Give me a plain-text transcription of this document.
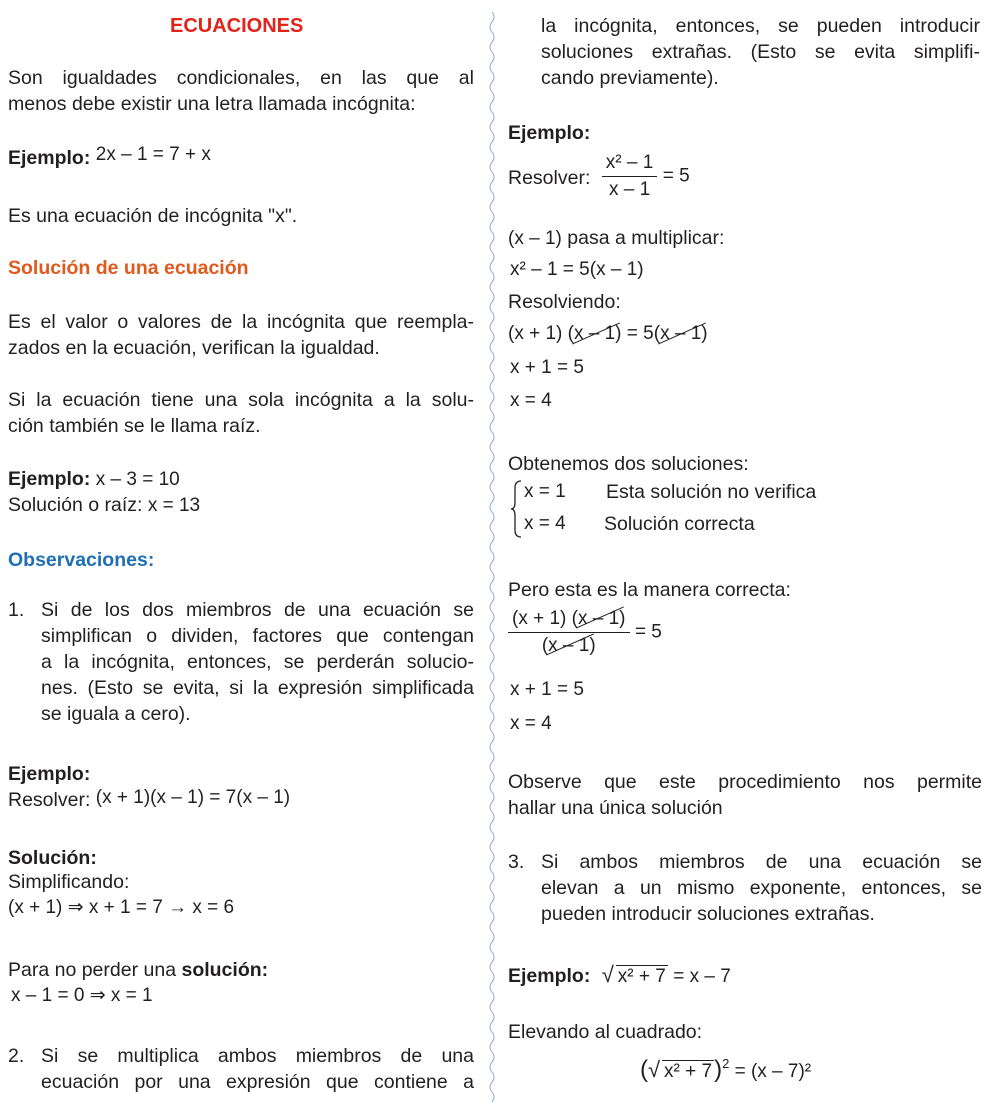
ECUACIONES
Son igualdades condicionales, en las que al
menos debe existir una letra llamada incógnita:
Ejemplo: 2x – 1 = 7 + x
Es una ecuación de incógnita "x".
Solución de una ecuación
Es el valor o valores de la incógnita que reempla-
zados en la ecuación, verifican la igualdad.
Si la ecuación tiene una sola incógnita a la solu-
ción también se le llama raíz.
Ejemplo: x – 3 = 10
Solución o raíz: x = 13
Observaciones:
1. Si de los dos miembros de una ecuación se
simplifican o dividen, factores que contengan
a la incógnita, entonces, se perderán solucio-
nes. (Esto se evita, si la expresión simplificada
se iguala a cero).
Ejemplo:
Resolver: (x + 1)(x – 1) = 7(x – 1)
Solución:
Simplificando:
(x + 1) ⇒ x + 1 = 7 → x = 6
Para no perder una solución:
x – 1 = 0 ⇒ x = 1
2. Si se multiplica ambos miembros de una
ecuación por una expresión que contiene a
la incógnita, entonces, se pueden introducir
soluciones extrañas. (Esto se evita simplifi-
cando previamente).
Ejemplo:
Resolver: $\frac{\text{x² – 1}}{x - 1} = 5$
(x – 1) pasa a multiplicar:
x² – 1 = 5(x – 1)
Resolviendo:
(x + 1) (x – 1) = 5(x – 1)
x + 1 = 5
x = 4
Obtenemos dos soluciones:
x = 1 Esta solución no verifica
x = 4 Solución correcta
Pero esta es la manera correcta:
$\frac{(x + 1) (x - 1)}{(x - 1)} = 5$
x + 1 = 5
x = 4
Observe que este procedimiento nos permite
hallar una única solución
3. Si ambos miembros de una ecuación se
elevan a un mismo exponente, entonces, se
pueden introducir soluciones extrañas.
Ejemplo: √ x² + 7 = x – 7
Elevando al cuadrado:
( √ x² + 7)$^2$ = (x – 7)²
